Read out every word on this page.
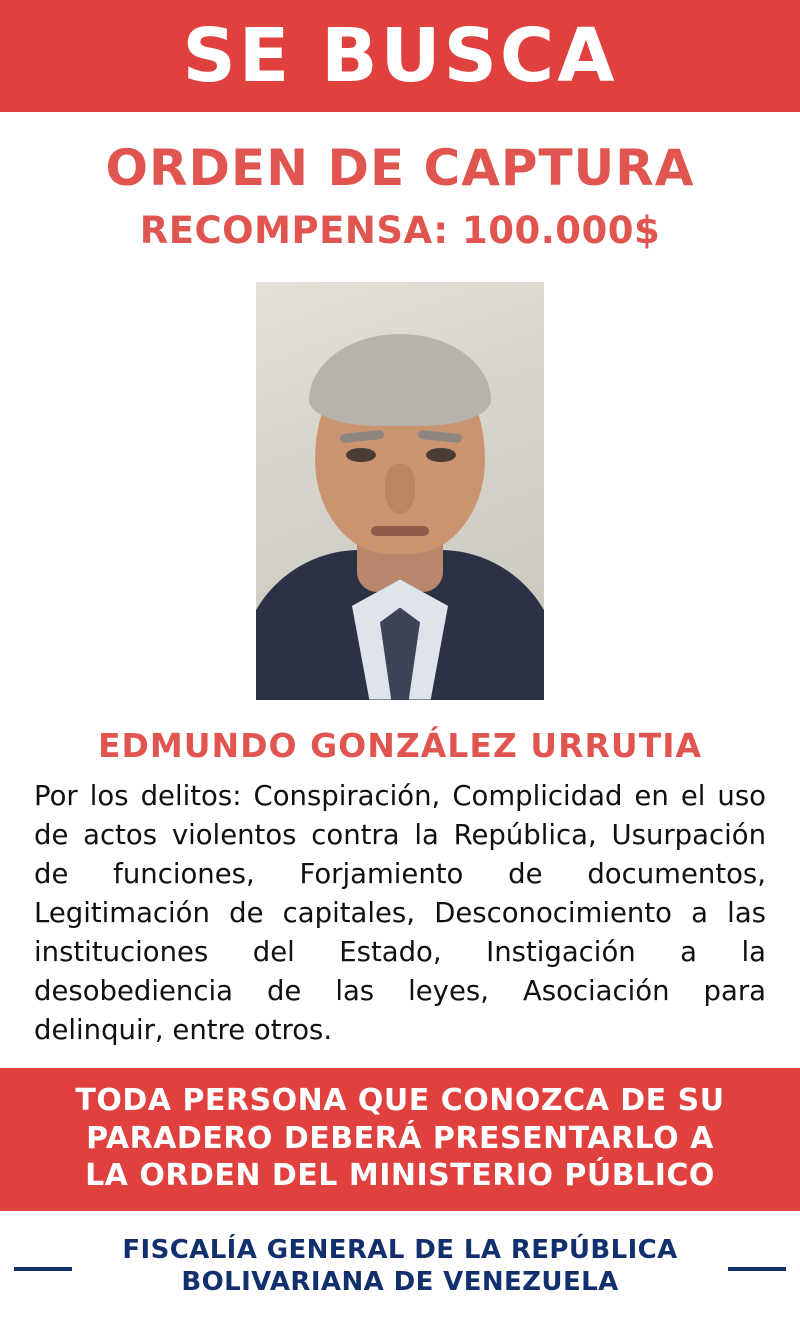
SE BUSCA
ORDEN DE CAPTURA
RECOMPENSA: 100.000$
EDMUNDO GONZÁLEZ URRUTIA
Por los delitos: Conspiración, Complicidad en el uso de actos violentos contra la República, Usurpación de funciones, Forjamiento de documentos, Legitimación de capitales, Desconocimiento a las instituciones del Estado, Instigación a la desobediencia de las leyes, Asociación para delinquir, entre otros.
TODA PERSONA QUE CONOZCA DE SU
PARADERO DEBERÁ PRESENTARLO A
LA ORDEN DEL MINISTERIO PÚBLICO
FISCALÍA GENERAL DE LA REPÚBLICA
BOLIVARIANA DE VENEZUELA
